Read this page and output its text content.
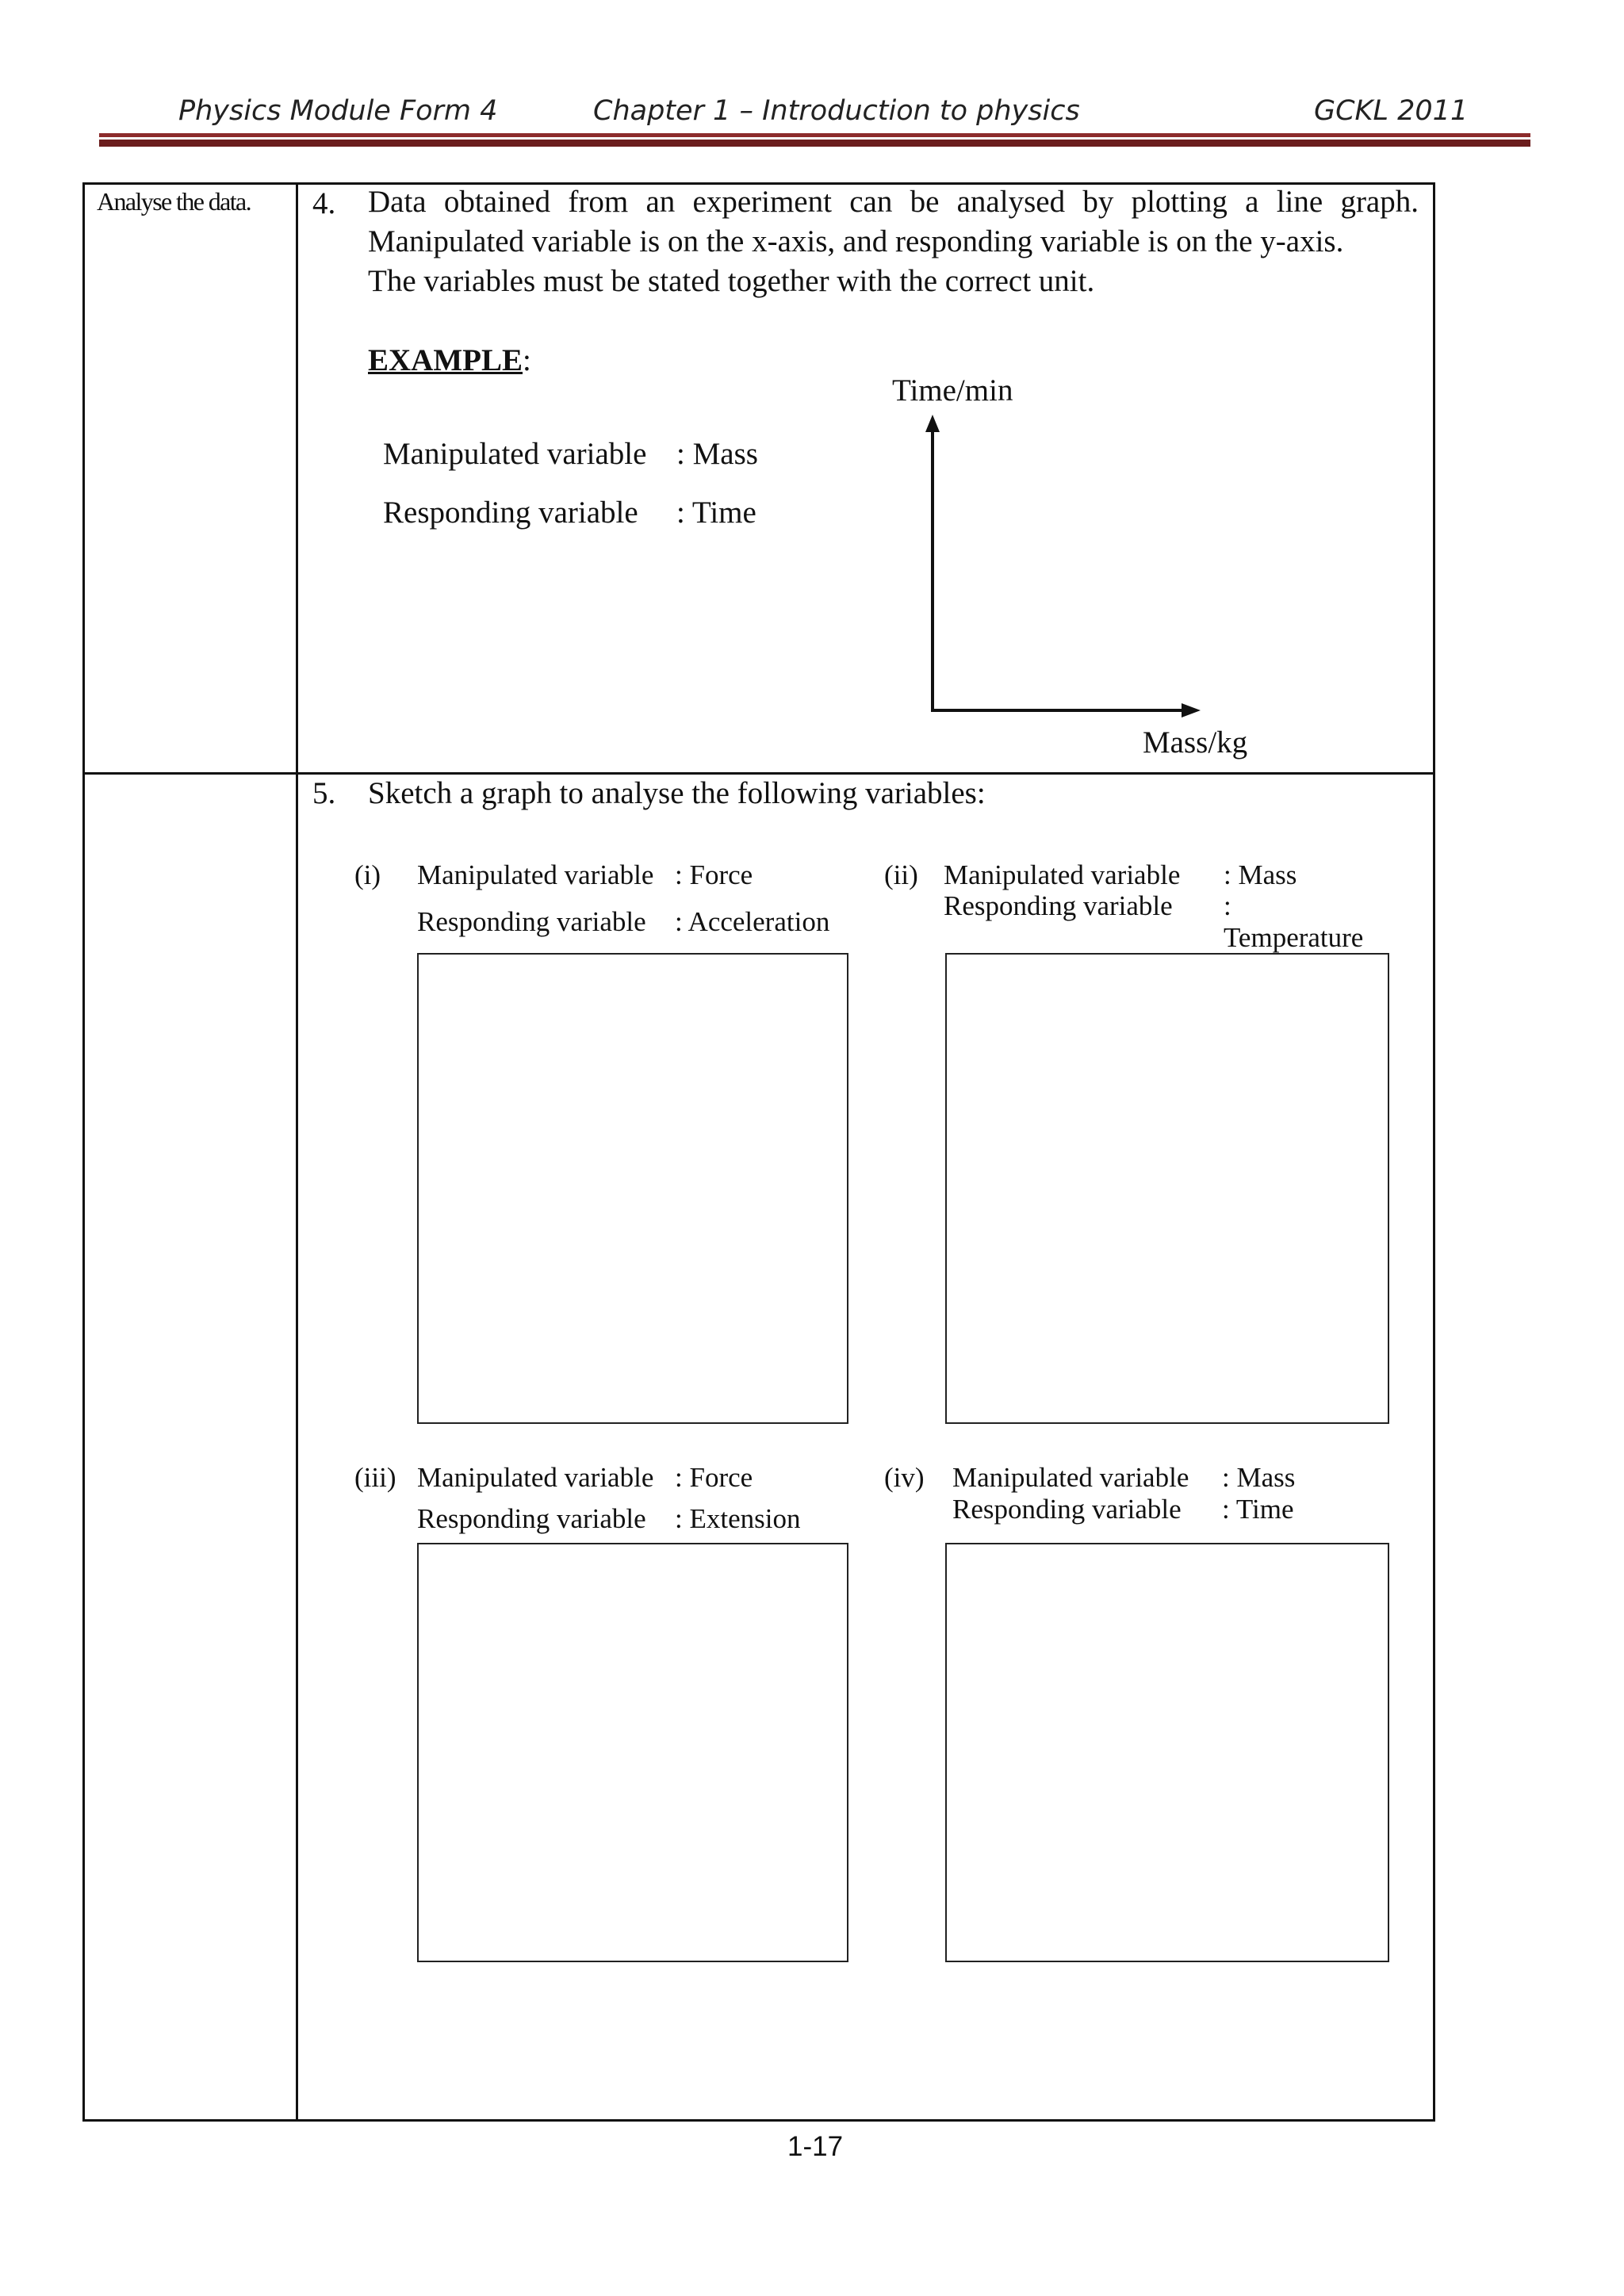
Physics Module Form 4	Chapter 1 – Introduction to physics	GCKL 2011
Analyse the data. 4. Data obtained from an experiment can be analysed by plotting a line graph.
Manipulated variable is on the x-axis, and responding variable is on the y-axis.
The variables must be stated together with the correct unit.
EXAMPLE:
Manipulated variable : Mass
Responding variable : Time
Time/min
Mass/kg
5. Sketch a graph to analyse the following variables:
(i) Manipulated variable : Force
Responding variable : Acceleration
(ii) Manipulated variable : Mass
Responding variable :
Temperature
(iii) Manipulated variable : Force
Responding variable : Extension
(iv) Manipulated variable : Mass
Responding variable : Time
1-17
